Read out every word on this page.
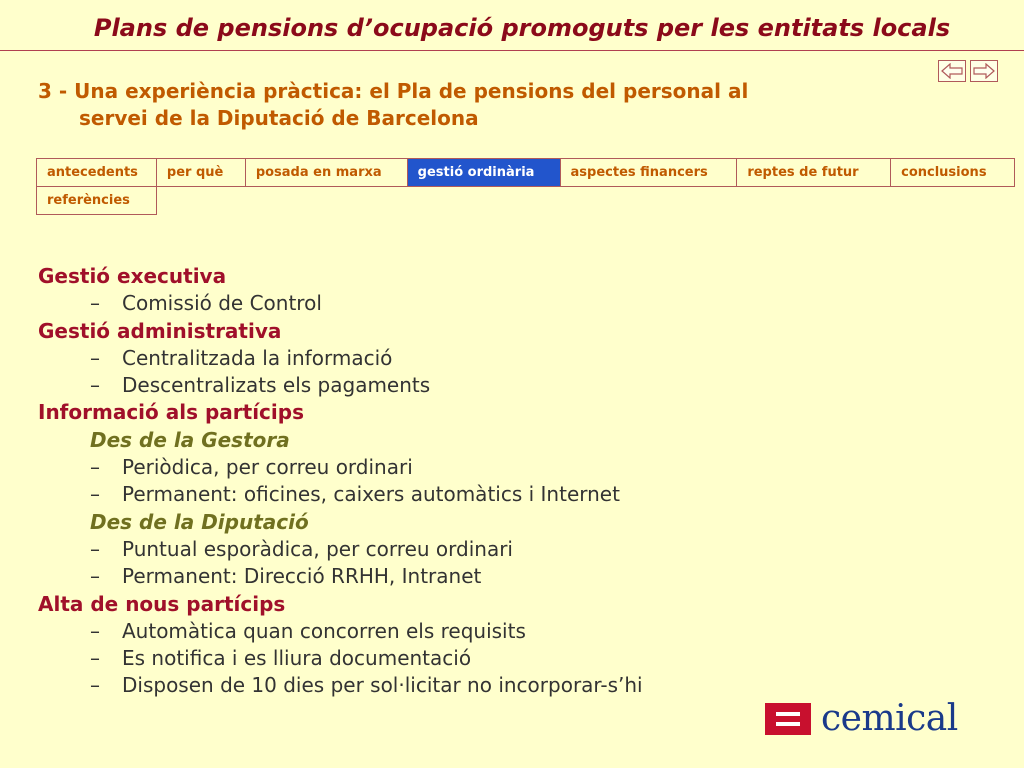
Plans de pensions d’ocupació promoguts per les entitats locals
3 - Una experiència pràctica: el Pla de pensions del personal al
servei de la Diputació de Barcelona
antecedents	per què	posada en marxa	gestió ordinària	aspectes financers	reptes de futur	conclusions
referències						
Gestió executiva
– Comissió de Control
Gestió administrativa
– Centralitzada la informació
– Descentralizats els pagaments
Informació als partícips
Des de la Gestora
– Periòdica, per correu ordinari
– Permanent: oficines, caixers automàtics i Internet
Des de la Diputació
– Puntual esporàdica, per correu ordinari
– Permanent: Direcció RRHH, Intranet
Alta de nous partícips
– Automàtica quan concorren els requisits
– Es notifica i es lliura documentació
– Disposen de 10 dies per sol·licitar no incorporar-s’hi
cemical
